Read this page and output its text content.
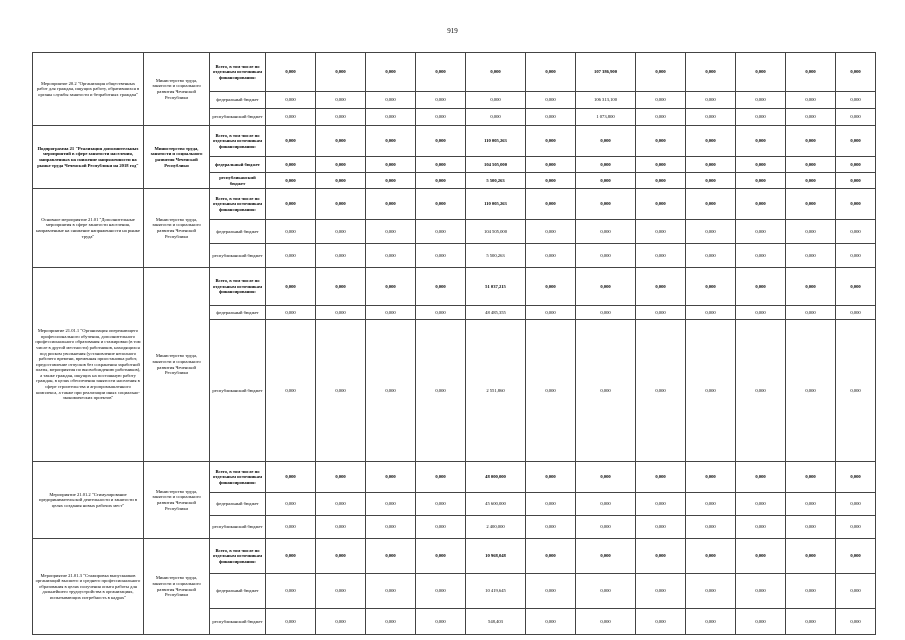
919
Мероприятие 20.2 "Организация общественных работ для граждан, ищущих работу, обратившихся в органы службы занятости и безработных граждан"	Министерство труда, занятости и социального развития Чеченской Республики	Всего, в том числе по отдельным источникам финансирования:	0,000	0,000	0,000	0,000	0,000	0,000	107 386,900	0,000	0,000	0,000	0,000	0,000
		федеральный бюджет	0,000	0,000	0,000	0,000	0,000	0,000	106 313,100	0,000	0,000	0,000	0,000	0,000
		республиканский бюджет	0,000	0,000	0,000	0,000	0,000	0,000	1 073,800	0,000	0,000	0,000	0,000	0,000
Подпрограмма 21 "Реализация дополнительных мероприятий в сфере занятости населения, направленных на снижение напряженности на рынке труда Чеченской Республики на 2018 год"	Министерство труда, занятости и социального развития Чеченской Республики	Всего, в том числе по отдельным источникам финансирования:	0,000	0,000	0,000	0,000	110 005,263	0,000	0,000	0,000	0,000	0,000	0,000	0,000
		федеральный бюджет	0,000	0,000	0,000	0,000	104 505,000	0,000	0,000	0,000	0,000	0,000	0,000	0,000
		республиканский бюджет	0,000	0,000	0,000	0,000	5 500,263	0,000	0,000	0,000	0,000	0,000	0,000	0,000
Основное мероприятие 21.01 "Дополнительные мероприятия в сфере занятости населения, направленные на снижение напряженности на рынке труда"	Министерство труда, занятости и социального развития Чеченской Республики	Всего, в том числе по отдельным источникам финансирования:	0,000	0,000	0,000	0,000	110 005,263	0,000	0,000	0,000	0,000	0,000	0,000	0,000
		федеральный бюджет	0,000	0,000	0,000	0,000	104 505,000	0,000	0,000	0,000	0,000	0,000	0,000	0,000
		республиканский бюджет	0,000	0,000	0,000	0,000	5 500,263	0,000	0,000	0,000	0,000	0,000	0,000	0,000
Мероприятие 21.01.1 "Организация опережающего профессионального обучения, дополнительного профессионального образования и стажировки (в том числе в другой местности) работников, находящихся под риском увольнения (установление неполного рабочего времени, временная приостановка работ, предоставление отпусков без сохранения заработной платы, мероприятия по высвобождению работников), а также граждан, ищущих на постоянную работу граждан, в целях обеспечения занятости населения в сфере строительства и агропромышленного комплекса, а также при реализации иных социально-экономических проектов"	Министерство труда, занятости и социального развития Чеченской Республики	Всего, в том числе по отдельным источникам финансирования:	0,000	0,000	0,000	0,000	51 037,215	0,000	0,000	0,000	0,000	0,000	0,000	0,000
		федеральный бюджет	0,000	0,000	0,000	0,000	48 485,355	0,000	0,000	0,000	0,000	0,000	0,000	0,000
		республиканский бюджет	0,000	0,000	0,000	0,000	2 551,860	0,000	0,000	0,000	0,000	0,000	0,000	0,000
Мероприятие 21.01.2 "Стимулирование предпринимательской деятельности и занятости в целях создания новых рабочих мест"	Министерство труда, занятости и социального развития Чеченской Республики	Всего, в том числе по отдельным источникам финансирования:	0,000	0,000	0,000	0,000	48 000,000	0,000	0,000	0,000	0,000	0,000	0,000	0,000
		федеральный бюджет	0,000	0,000	0,000	0,000	45 600,000	0,000	0,000	0,000	0,000	0,000	0,000	0,000
		республиканский бюджет	0,000	0,000	0,000	0,000	2 400,000	0,000	0,000	0,000	0,000	0,000	0,000	0,000
Мероприятие 21.01.3 "Стажировка выпускников организаций высшего и среднего профессионального образования в целях получения опыта работы для дальнейшего трудоустройства в организациях, испытывающих потребность в кадрах"	Министерство труда, занятости и социального развития Чеченской Республики	Всего, в том числе по отдельным источникам финансирования:	0,000	0,000	0,000	0,000	10 968,048	0,000	0,000	0,000	0,000	0,000	0,000	0,000
		федеральный бюджет	0,000	0,000	0,000	0,000	10 419,645	0,000	0,000	0,000	0,000	0,000	0,000	0,000
		республиканский бюджет	0,000	0,000	0,000	0,000	548,403	0,000	0,000	0,000	0,000	0,000	0,000	0,000
